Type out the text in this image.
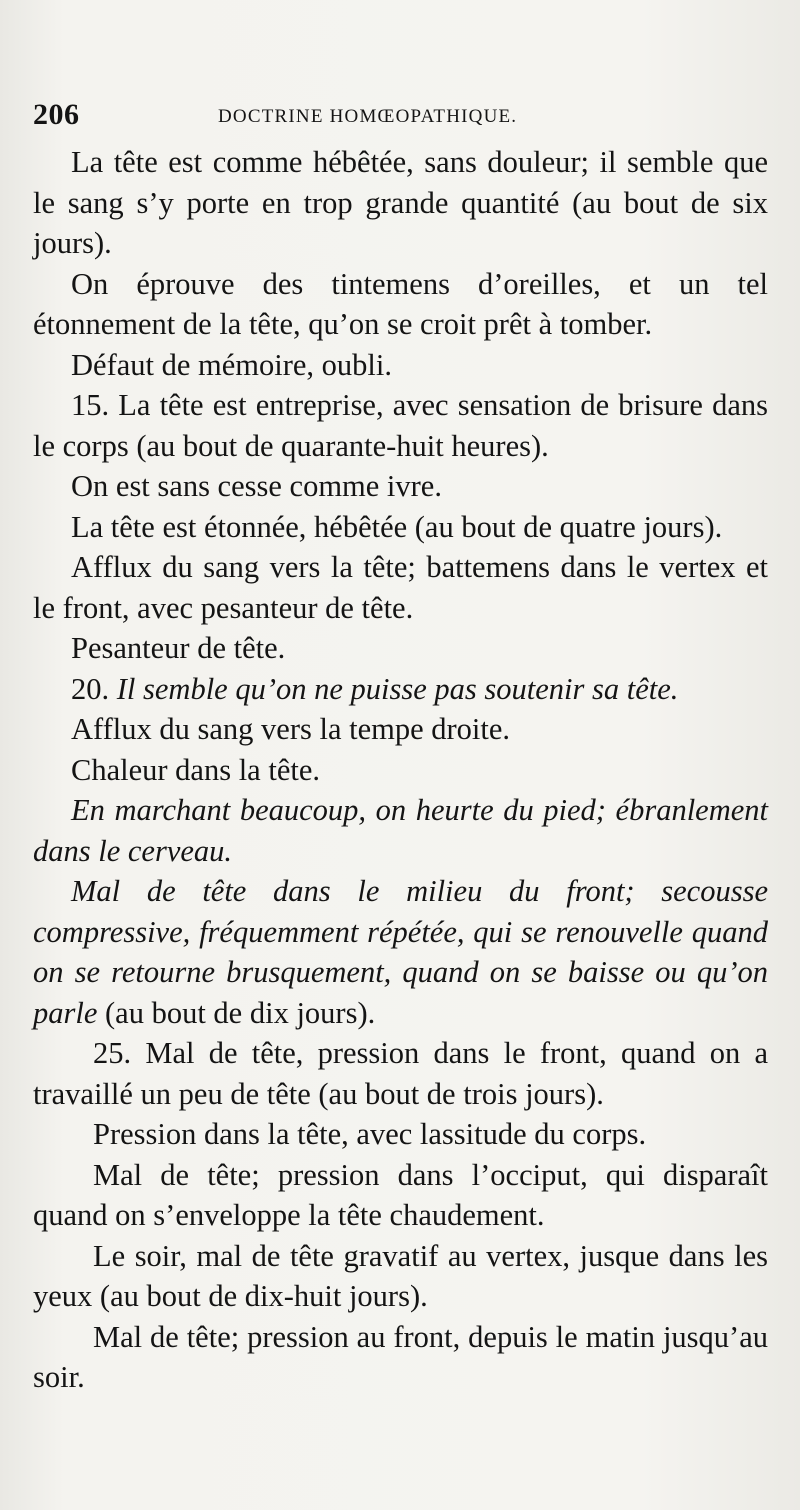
206	DOCTRINE HOMŒOPATHIQUE.

La tête est comme hébêtée, sans douleur; il semble que le sang s’y porte en trop grande quantité (au bout de six jours).

On éprouve des tintemens d’oreilles, et un tel étonnement de la tête, qu’on se croit prêt à tomber.

Défaut de mémoire, oubli.

15. La tête est entreprise, avec sensation de brisure dans le corps (au bout de quarante-huit heures).

On est sans cesse comme ivre.

La tête est étonnée, hébêtée (au bout de quatre jours).

Afflux du sang vers la tête; battemens dans le vertex et le front, avec pesanteur de tête.

Pesanteur de tête.

20. Il semble qu’on ne puisse pas soutenir sa tête.

Afflux du sang vers la tempe droite.

Chaleur dans la tête.

En marchant beaucoup, on heurte du pied; ébranlement dans le cerveau.

Mal de tête dans le milieu du front; secousse compressive, fréquemment répétée, qui se renouvelle quand on se retourne brusquement, quand on se baisse ou qu’on parle (au bout de dix jours).

25. Mal de tête, pression dans le front, quand on a travaillé un peu de tête (au bout de trois jours).

Pression dans la tête, avec lassitude du corps.

Mal de tête; pression dans l’occiput, qui disparaît quand on s’enveloppe la tête chaudement.

Le soir, mal de tête gravatif au vertex, jusque dans les yeux (au bout de dix-huit jours).

Mal de tête; pression au front, depuis le matin jusqu’au soir.
